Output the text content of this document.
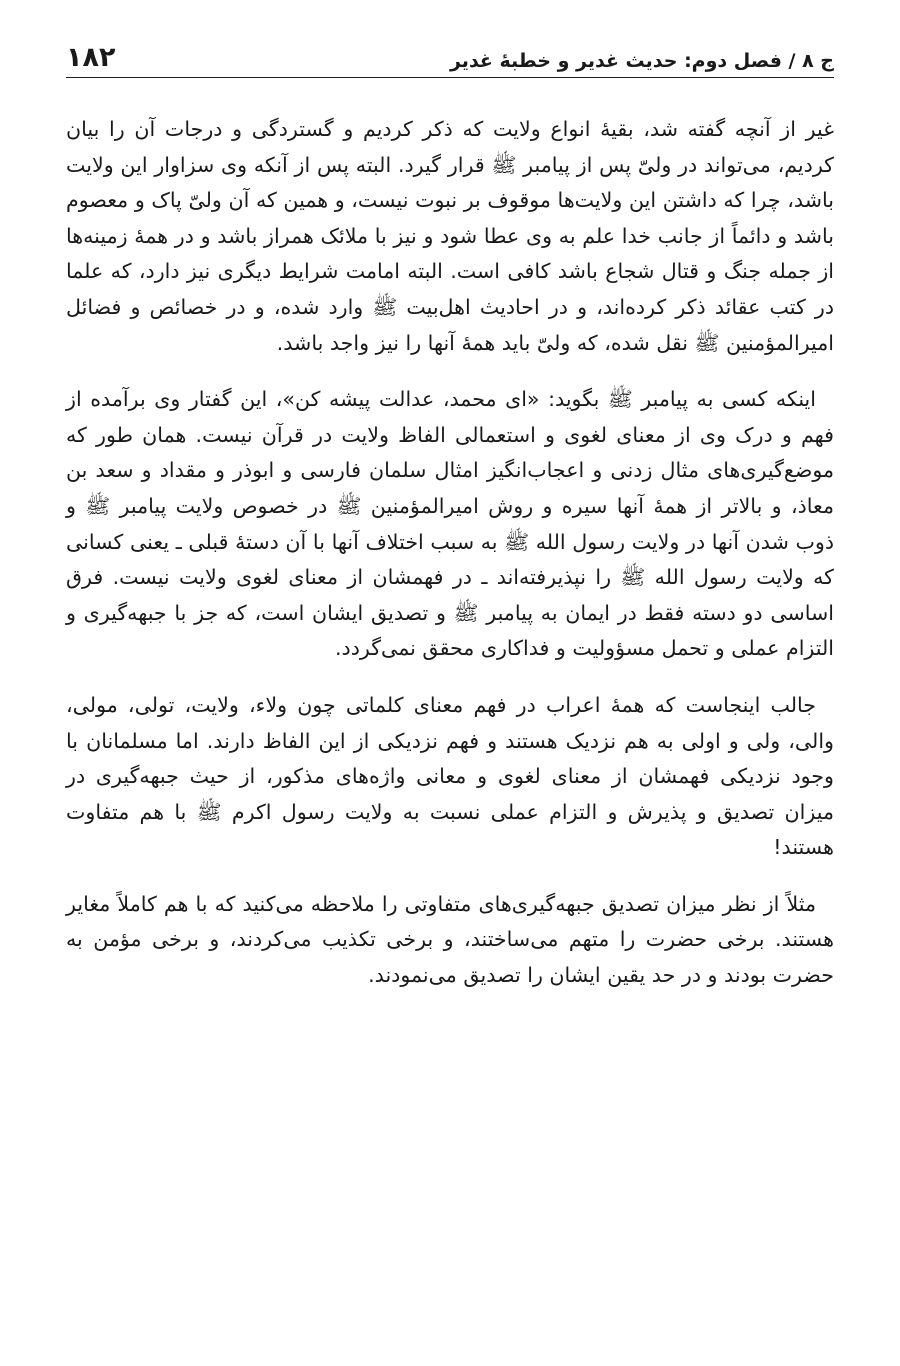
ج ۸ / فصل دوم: حدیث غدیر و خطبهٔ غدیر
۱۸۲

غیر از آنچه گفته شد، بقیهٔ انواع ولایت که ذکر کردیم و گستردگی و درجات آن را بیان کردیم، می‌تواند در ولیّ پس از پیامبر ﷺ قرار گیرد. البته پس از آنکه وی سزاوار این ولایت باشد، چرا که داشتن این ولایت‌ها موقوف بر نبوت نیست، و همین که آن ولیّ پاک و معصوم باشد و دائماً از جانب خدا علم به وی عطا شود و نیز با ملائک همراز باشد و در همهٔ زمینه‌ها از جمله جنگ و قتال شجاع باشد کافی است. البته امامت شرایط دیگری نیز دارد، که علما در کتب عقائد ذکر کرده‌اند، و در احادیث اهل‌بیت ﷺ وارد شده، و در خصائص و فضائل امیرالمؤمنین ﷺ نقل شده، که ولیّ باید همهٔ آنها را نیز واجد باشد.

اینکه کسی به پیامبر ﷺ بگوید: «ای محمد، عدالت پیشه کن»، این گفتار وی برآمده از فهم و درک وی از معنای لغوی و استعمالی الفاظ ولایت در قرآن نیست. همان طور که موضع‌گیری‌های مثال زدنی و اعجاب‌انگیز امثال سلمان فارسی و ابوذر و مقداد و سعد بن معاذ، و بالاتر از همهٔ آنها سیره و روش امیرالمؤمنین ﷺ در خصوص ولایت پیامبر ﷺ و ذوب شدن آنها در ولایت رسول الله ﷺ به سبب اختلاف آنها با آن دستهٔ قبلی ـ یعنی کسانی که ولایت رسول الله ﷺ را نپذیرفته‌اند ـ در فهمشان از معنای لغوی ولایت نیست. فرق اساسی دو دسته فقط در ایمان به پیامبر ﷺ و تصدیق ایشان است، که جز با جبهه‌گیری و التزام عملی و تحمل مسؤولیت و فداکاری محقق نمی‌گردد.

جالب اینجاست که همهٔ اعراب در فهم معنای کلماتی چون ولاء، ولایت، تولی، مولی، والی، ولی و اولی به هم نزدیک هستند و فهم نزدیکی از این الفاظ دارند. اما مسلمانان با وجود نزدیکی فهمشان از معنای لغوی و معانی واژه‌های مذکور، از حیث جبهه‌گیری در میزان تصدیق و پذیرش و التزام عملی نسبت به ولایت رسول اکرم ﷺ با هم متفاوت هستند!

مثلاً از نظر میزان تصدیق جبهه‌گیری‌های متفاوتی را ملاحظه می‌کنید که با هم کاملاً مغایر هستند. برخی حضرت را متهم می‌ساختند، و برخی تکذیب می‌کردند، و برخی مؤمن به حضرت بودند و در حد یقین ایشان را تصدیق می‌نمودند.
